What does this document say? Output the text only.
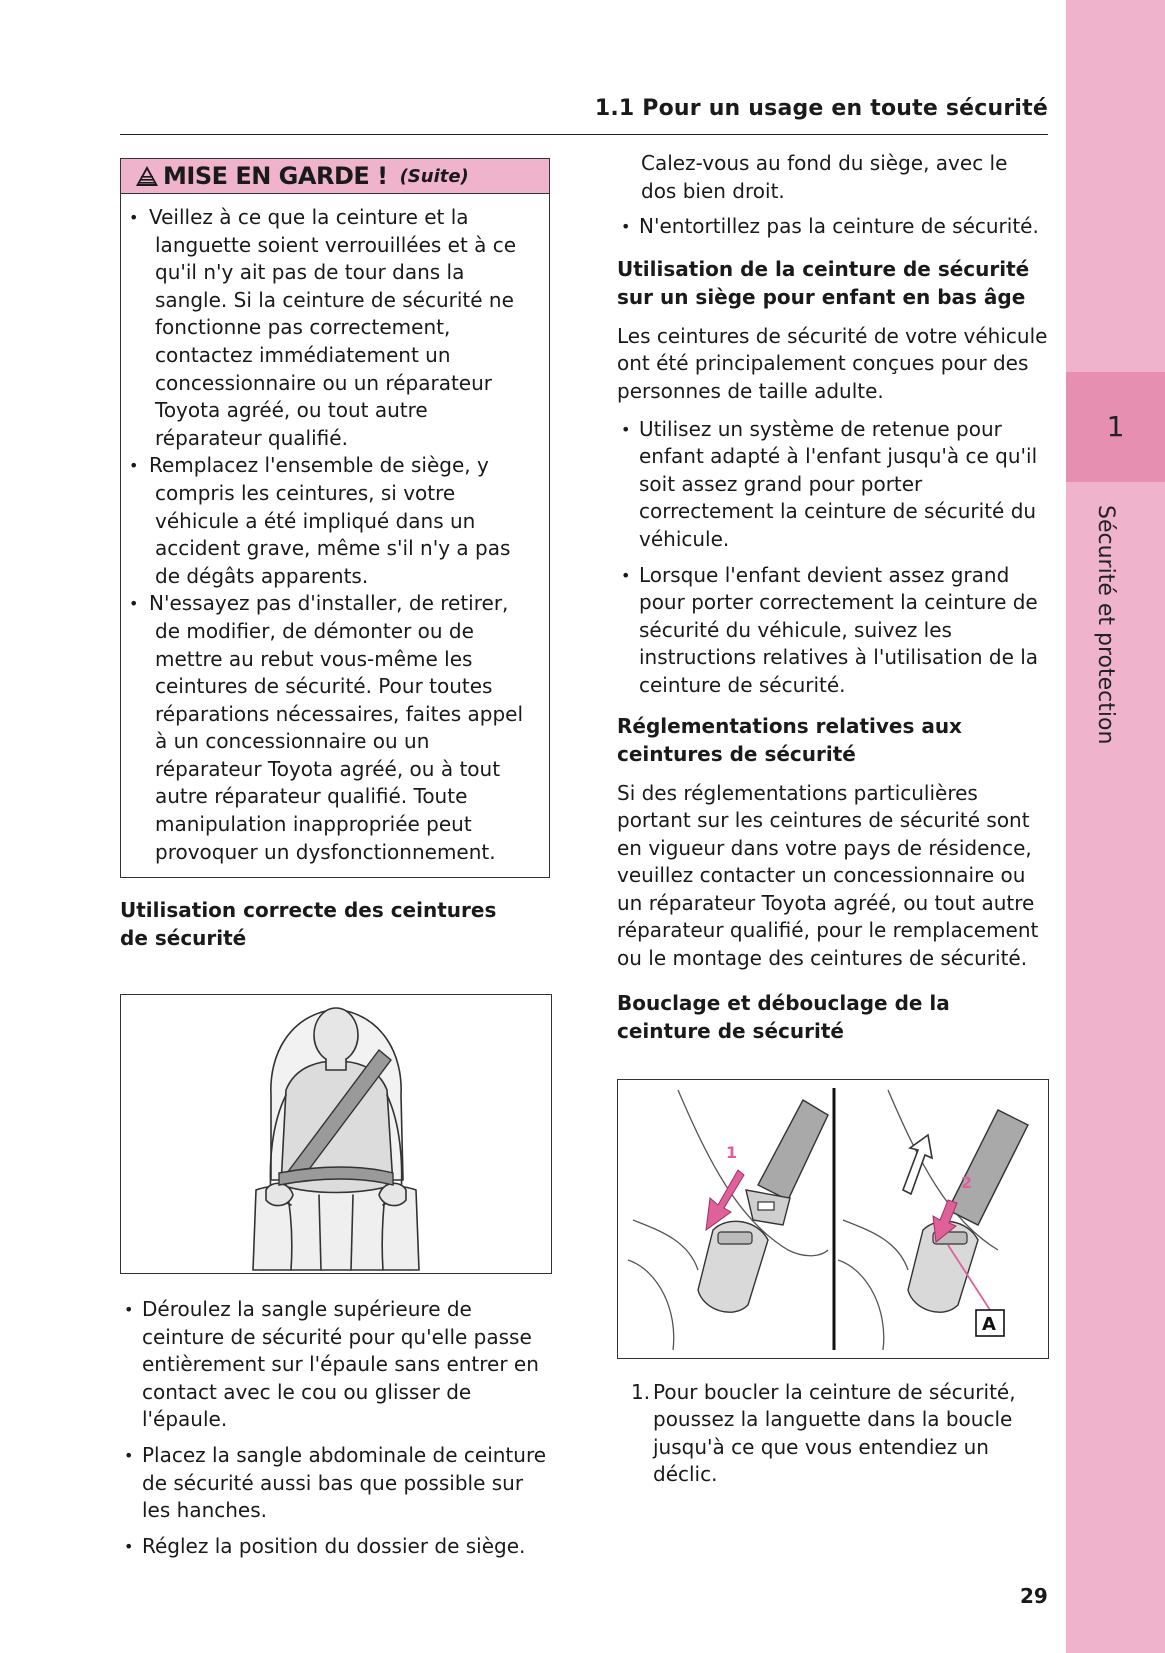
1.1 Pour un usage en toute sécurité
1
Sécurité et protection
MISE EN GARDE ! (Suite)
• Veillez à ce que la ceinture et la languette soient verrouillées et à ce qu'il n'y ait pas de tour dans la sangle. Si la ceinture de sécurité ne fonctionne pas correctement, contactez immédiatement un concessionnaire ou un réparateur Toyota agréé, ou tout autre réparateur qualifié.
• Remplacez l'ensemble de siège, y compris les ceintures, si votre véhicule a été impliqué dans un accident grave, même s'il n'y a pas de dégâts apparents.
• N'essayez pas d'installer, de retirer, de modifier, de démonter ou de mettre au rebut vous-même les ceintures de sécurité. Pour toutes réparations nécessaires, faites appel à un concessionnaire ou un réparateur Toyota agréé, ou à tout autre réparateur qualifié. Toute manipulation inappropriée peut provoquer un dysfonctionnement.
Utilisation correcte des ceintures de sécurité
• Déroulez la sangle supérieure de ceinture de sécurité pour qu'elle passe entièrement sur l'épaule sans entrer en contact avec le cou ou glisser de l'épaule.
• Placez la sangle abdominale de ceinture de sécurité aussi bas que possible sur les hanches.
• Réglez la position du dossier de siège.
Calez-vous au fond du siège, avec le dos bien droit.
• N'entortillez pas la ceinture de sécurité.
Utilisation de la ceinture de sécurité sur un siège pour enfant en bas âge
Les ceintures de sécurité de votre véhicule ont été principalement conçues pour des personnes de taille adulte.
• Utilisez un système de retenue pour enfant adapté à l'enfant jusqu'à ce qu'il soit assez grand pour porter correctement la ceinture de sécurité du véhicule.
• Lorsque l'enfant devient assez grand pour porter correctement la ceinture de sécurité du véhicule, suivez les instructions relatives à l'utilisation de la ceinture de sécurité.
Réglementations relatives aux ceintures de sécurité
Si des réglementations particulières portant sur les ceintures de sécurité sont en vigueur dans votre pays de résidence, veuillez contacter un concessionnaire ou un réparateur Toyota agréé, ou tout autre réparateur qualifié, pour le remplacement ou le montage des ceintures de sécurité.
Bouclage et débouclage de la ceinture de sécurité
1
2
A
1. Pour boucler la ceinture de sécurité, poussez la languette dans la boucle jusqu'à ce que vous entendiez un déclic.
29
